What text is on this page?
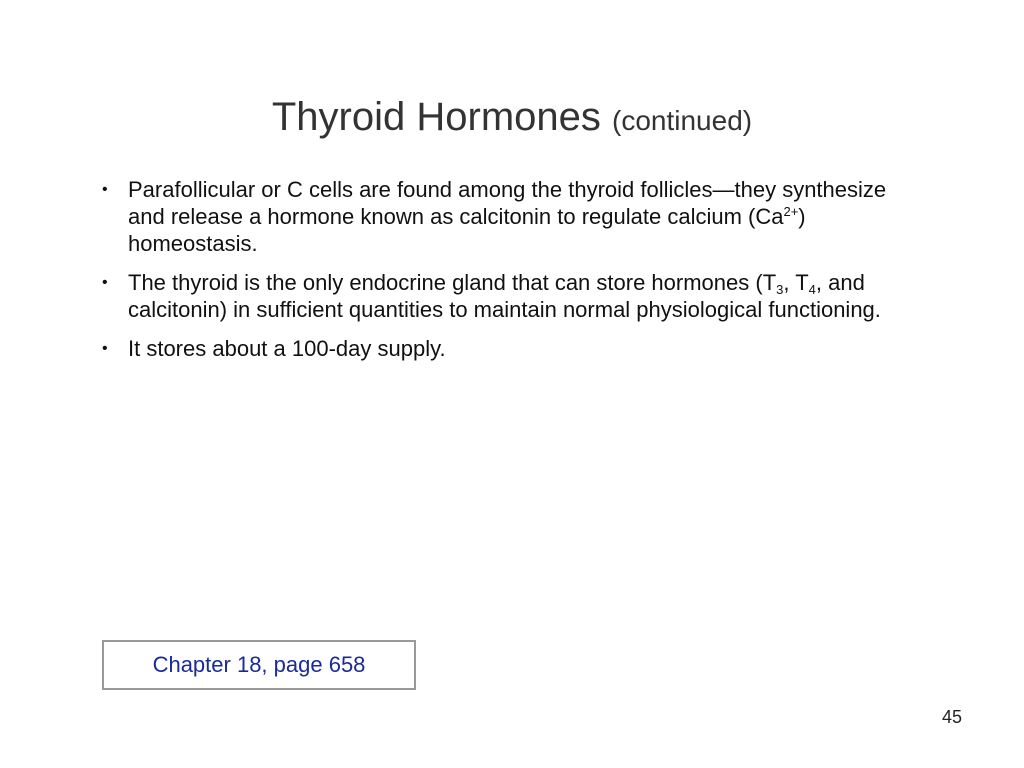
Thyroid Hormones (continued)
• Parafollicular or C cells are found among the thyroid follicles—they synthesize and release a hormone known as calcitonin to regulate calcium $(Ca^{2+})$ homeostasis.
• The thyroid is the only endocrine gland that can store hormones ($T_3$, $T_4$, and calcitonin) in sufficient quantities to maintain normal physiological functioning.
• It stores about a 100-day supply.
Chapter 18, page 658
45
